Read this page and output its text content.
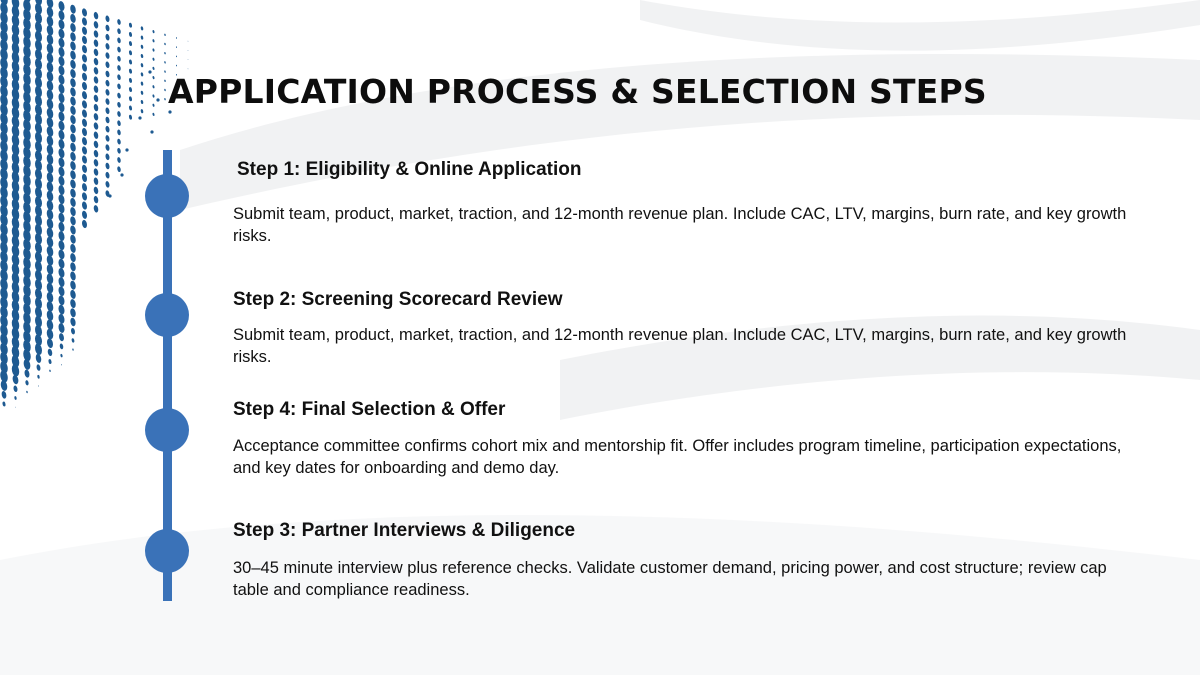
APPLICATION PROCESS & SELECTION STEPS
Step 1: Eligibility & Online Application

Submit team, product, market, traction, and 12-month revenue plan. Include CAC, LTV, margins, burn rate, and key growth risks.

Step 2: Screening Scorecard Review

Submit team, product, market, traction, and 12-month revenue plan. Include CAC, LTV, margins, burn rate, and key growth risks.

Step 4: Final Selection & Offer

Acceptance committee confirms cohort mix and mentorship fit. Offer includes program timeline, participation expectations, and key dates for onboarding and demo day.

Step 3: Partner Interviews & Diligence

30–45 minute interview plus reference checks. Validate customer demand, pricing power, and cost structure; review cap table and compliance readiness.
